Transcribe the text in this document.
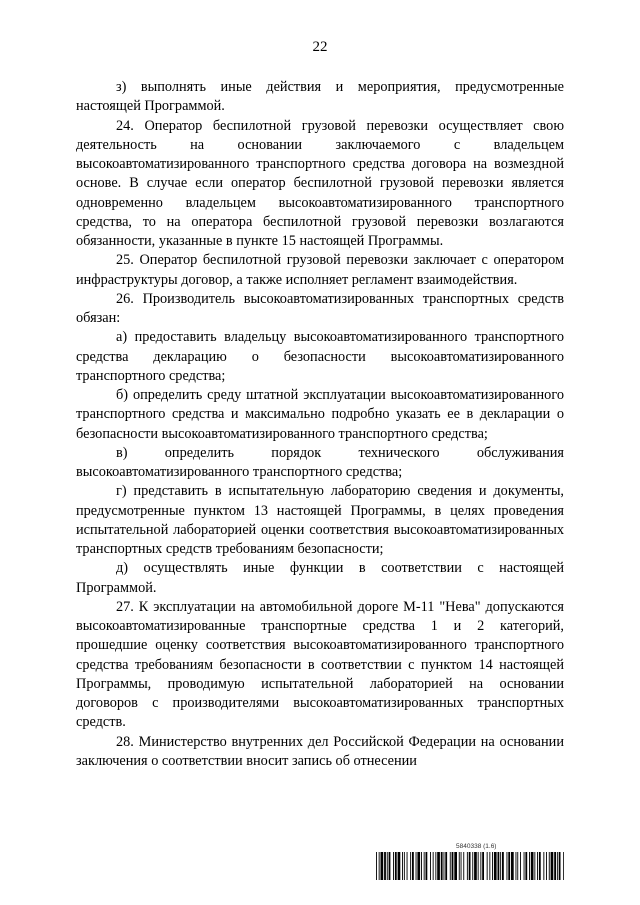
22

з) выполнять иные действия и мероприятия, предусмотренные настоящей Программой.

24. Оператор беспилотной грузовой перевозки осуществляет свою деятельность на основании заключаемого с владельцем высокоавтоматизированного транспортного средства договора на возмездной основе. В случае если оператор беспилотной грузовой перевозки является одновременно владельцем высокоавтоматизированного транспортного средства, то на оператора беспилотной грузовой перевозки возлагаются обязанности, указанные в пункте 15 настоящей Программы.

25. Оператор беспилотной грузовой перевозки заключает с оператором инфраструктуры договор, а также исполняет регламент взаимодействия.

26. Производитель высокоавтоматизированных транспортных средств обязан:

а) предоставить владельцу высокоавтоматизированного транспортного средства декларацию о безопасности высокоавтоматизированного транспортного средства;

б) определить среду штатной эксплуатации высокоавтоматизированного транспортного средства и максимально подробно указать ее в декларации о безопасности высокоавтоматизированного транспортного средства;

в) определить порядок технического обслуживания высокоавтоматизированного транспортного средства;

г) представить в испытательную лабораторию сведения и документы, предусмотренные пунктом 13 настоящей Программы, в целях проведения испытательной лабораторией оценки соответствия высокоавтоматизированных транспортных средств требованиям безопасности;

д) осуществлять иные функции в соответствии с настоящей Программой.

27. К эксплуатации на автомобильной дороге М-11 "Нева" допускаются высокоавтоматизированные транспортные средства 1 и 2 категорий, прошедшие оценку соответствия высокоавтоматизированного транспортного средства требованиям безопасности в соответствии с пунктом 14 настоящей Программы, проводимую испытательной лабораторией на основании договоров с производителями высокоавтоматизированных транспортных средств.

28. Министерство внутренних дел Российской Федерации на основании заключения о соответствии вносит запись об отнесении

5840338 (1.6)
